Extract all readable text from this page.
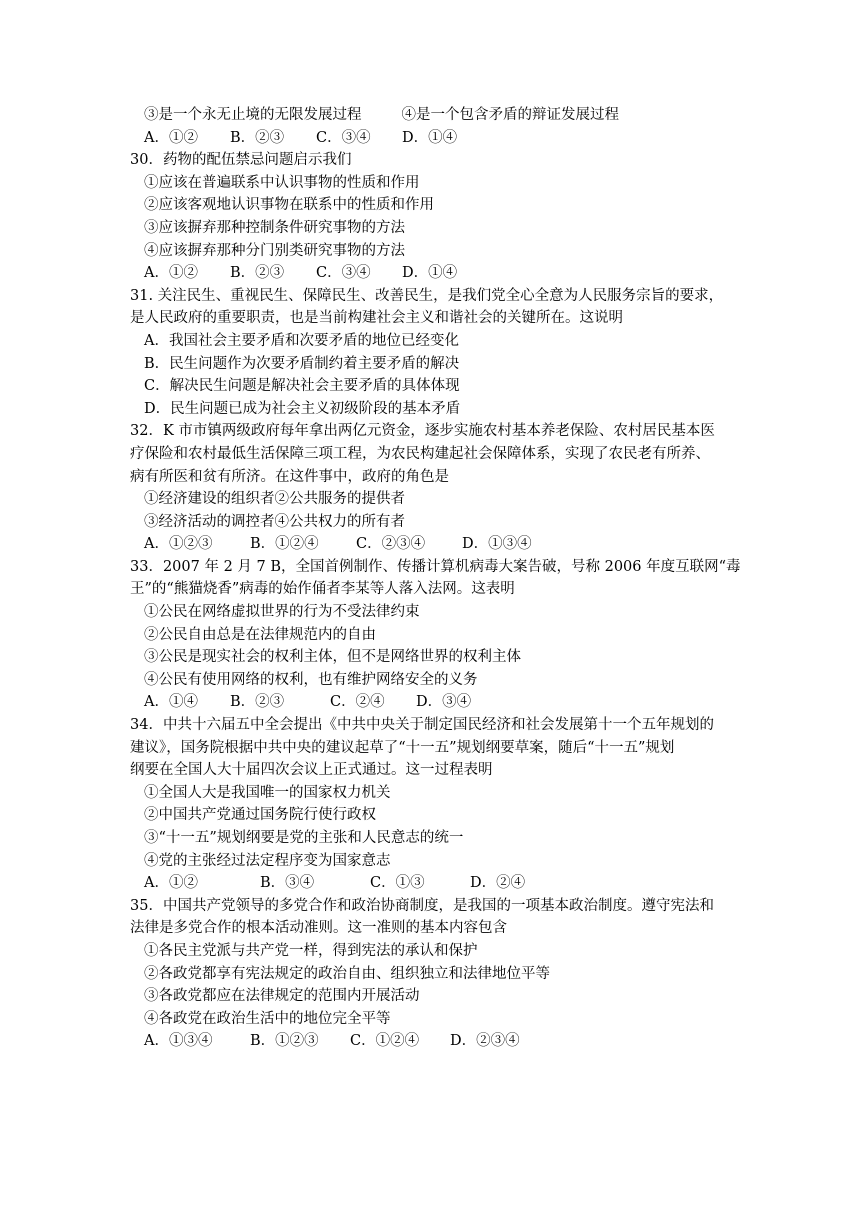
③是一个永无止境的无限发展过程	④是一个包含矛盾的辩证发展过程
A．①② B．②③ C．③④ D．①④
30．药物的配伍禁忌问题启示我们
①应该在普遍联系中认识事物的性质和作用
②应该客观地认识事物在联系中的性质和作用
③应该摒弃那种控制条件研究事物的方法
④应该摒弃那种分门别类研究事物的方法
A．①② B．②③ C．③④ D．①④
31. 关注民生、重视民生、保障民生、改善民生，是我们党全心全意为人民服务宗旨的要求，
是人民政府的重要职责，也是当前构建社会主义和谐社会的关键所在。这说明
A．我国社会主要矛盾和次要矛盾的地位已经变化
B．民生问题作为次要矛盾制约着主要矛盾的解决
C．解决民生问题是解决社会主要矛盾的具体体现
D．民生问题已成为社会主义初级阶段的基本矛盾
32．K 市市镇两级政府每年拿出两亿元资金，逐步实施农村基本养老保险、农村居民基本医
疗保险和农村最低生活保障三项工程，为农民构建起社会保障体系，实现了农民老有所养、
病有所医和贫有所济。在这件事中，政府的角色是
①经济建设的组织者②公共服务的提供者
③经济活动的调控者④公共权力的所有者
A．①②③	B．①②④	C．②③④	D．①③④
33．2007 年 2 月 7 B，全国首例制作、传播计算机病毒大案告破，号称 2006 年度互联网“毒
王”的“熊猫烧香”病毒的始作俑者李某等人落入法网。这表明
①公民在网络虚拟世界的行为不受法律约束
②公民自由总是在法律规范内的自由
③公民是现实社会的权利主体，但不是网络世界的权利主体
④公民有使用网络的权利，也有维护网络安全的义务
A．①④ B．②③	C．②④ D．③④
34．中共十六届五中全会提出《中共中央关于制定国民经济和社会发展第十一个五年规划的
建议》，国务院根据中共中央的建议起草了“十一五”规划纲要草案，随后“十一五”规划
纲要在全国人大十届四次会议上正式通过。这一过程表明
①全国人大是我国唯一的国家权力机关
②中国共产党通过国务院行使行政权
③“十一五”规划纲要是党的主张和人民意志的统一
④党的主张经过法定程序变为国家意志
A．①②	B．③④	C．①③	D．②④
35．中国共产党领导的多党合作和政治协商制度，是我国的一项基本政治制度。遵守宪法和
法律是多党合作的根本活动准则。这一准则的基本内容包含
①各民主党派与共产党一样，得到宪法的承认和保护
②各政党都享有宪法规定的政治自由、组织独立和法律地位平等
③各政党都应在法律规定的范围内开展活动
④各政党在政治生活中的地位完全平等
A．①③④	B．①②③ C．①②④ D．②③④
